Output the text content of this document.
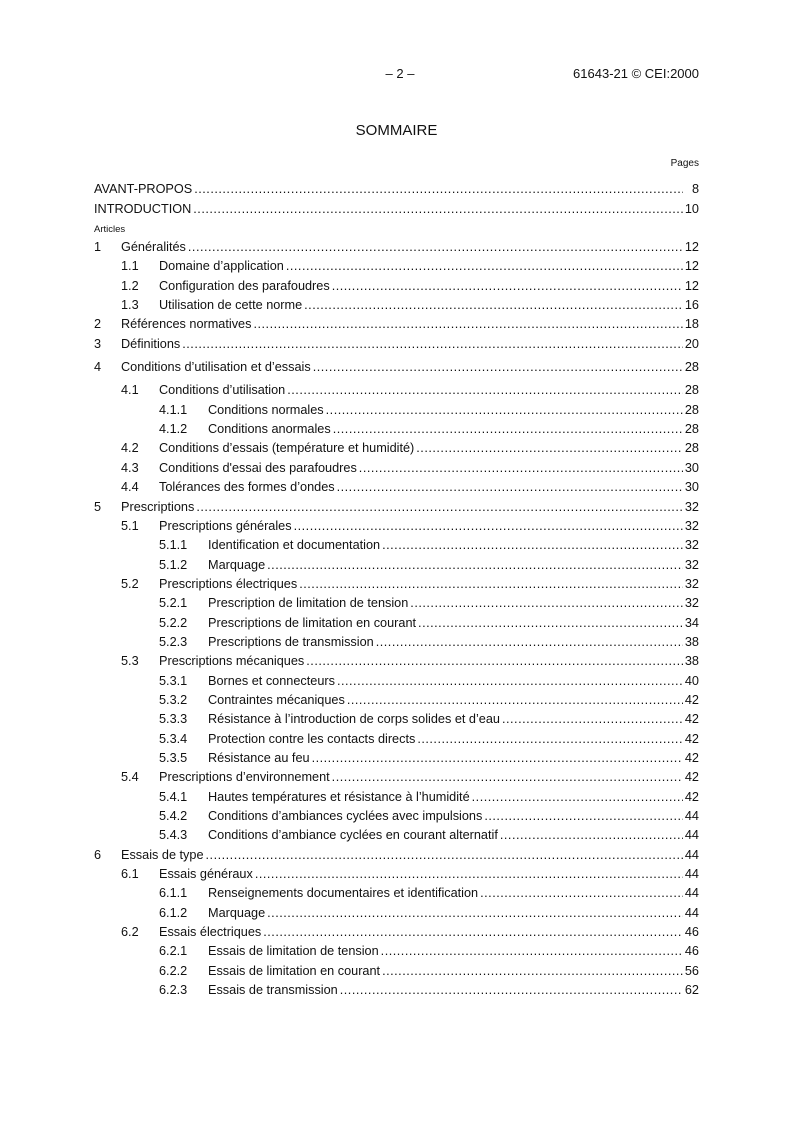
– 2 –	61643-21 © CEI:2000
SOMMAIRE
Pages
AVANT-PROPOS .....	8
INTRODUCTION .....	10
Articles
1	Généralités .....	12
1.1	Domaine d’application .....	12
1.2	Configuration des parafoudres .....	12
1.3	Utilisation de cette norme .....	16
2	Références normatives .....	18
3	Définitions .....	20
4	Conditions d’utilisation et d’essais .....	28
4.1	Conditions d’utilisation .....	28
4.1.1	Conditions normales .....	28
4.1.2	Conditions anormales .....	28
4.2	Conditions d’essais (température et humidité) .....	28
4.3	Conditions d'essai des parafoudres .....	30
4.4	Tolérances des formes d’ondes .....	30
5	Prescriptions .....	32
5.1	Prescriptions générales .....	32
5.1.1	Identification et documentation .....	32
5.1.2	Marquage .....	32
5.2	Prescriptions électriques .....	32
5.2.1	Prescription de limitation de tension .....	32
5.2.2	Prescriptions de limitation en courant .....	34
5.2.3	Prescriptions de transmission .....	38
5.3	Prescriptions mécaniques .....	38
5.3.1	Bornes et connecteurs .....	40
5.3.2	Contraintes mécaniques .....	42
5.3.3	Résistance à l’introduction de corps solides et d’eau .....	42
5.3.4	Protection contre les contacts directs .....	42
5.3.5	Résistance au feu .....	42
5.4	Prescriptions d’environnement .....	42
5.4.1	Hautes températures et résistance à l’humidité .....	42
5.4.2	Conditions d’ambiances cyclées avec impulsions .....	44
5.4.3	Conditions d’ambiance cyclées en courant alternatif .....	44
6	Essais de type .....	44
6.1	Essais généraux .....	44
6.1.1	Renseignements documentaires et identification .....	44
6.1.2	Marquage .....	44
6.2	Essais électriques .....	46
6.2.1	Essais de limitation de tension .....	46
6.2.2	Essais de limitation en courant .....	56
6.2.3	Essais de transmission .....	62
